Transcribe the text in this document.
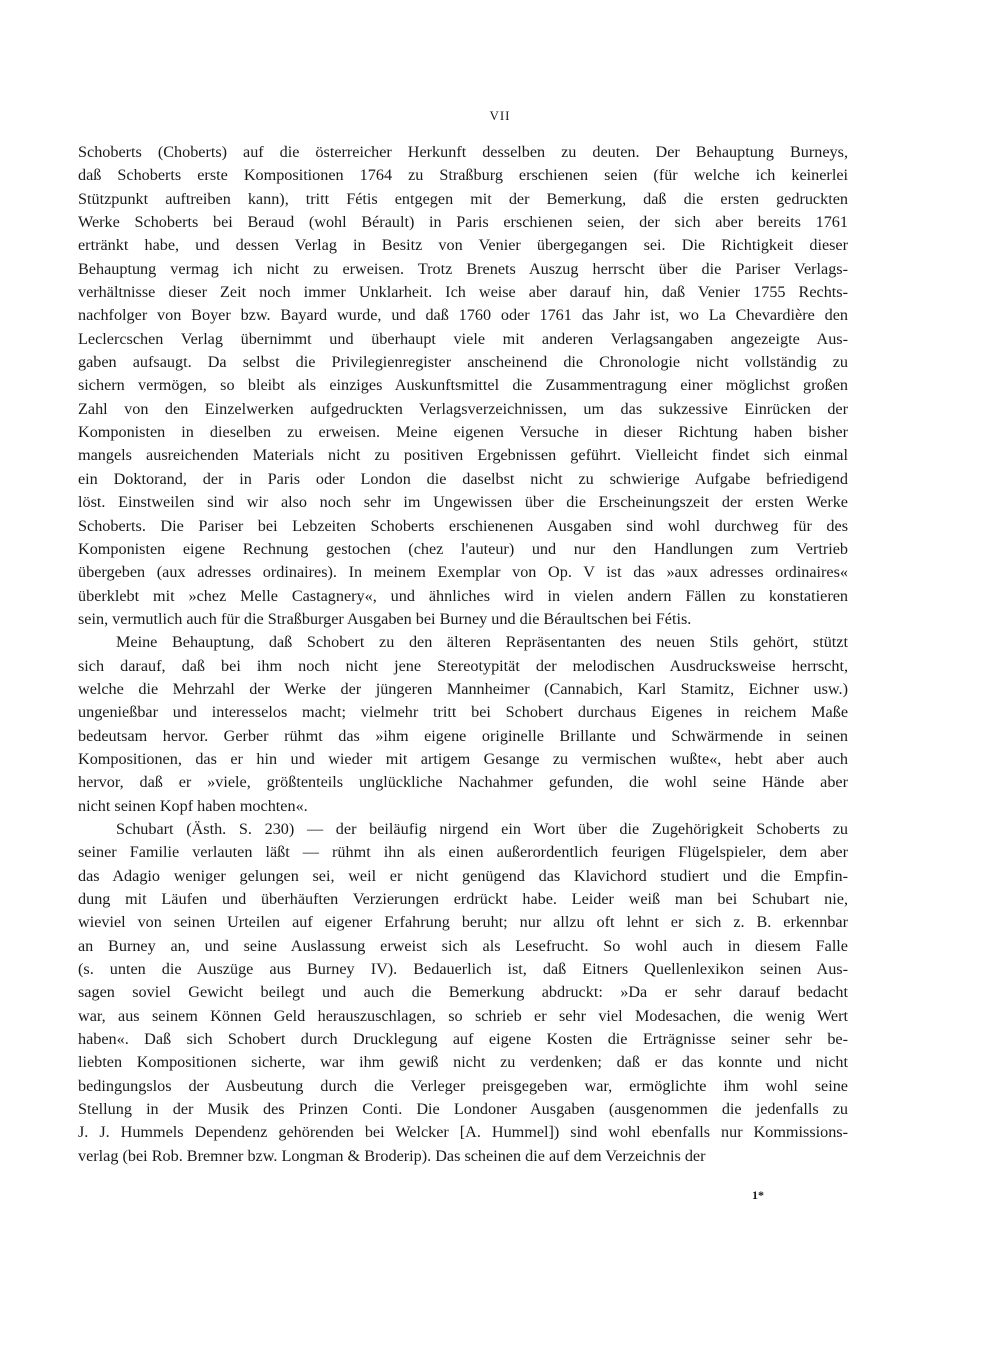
VII
Schoberts (Choberts) auf die österreicher Herkunft desselben zu deuten. Der Behauptung Burneys,
daß Schoberts erste Kompositionen 1764 zu Straßburg erschienen seien (für welche ich keinerlei
Stützpunkt auftreiben kann), tritt Fétis entgegen mit der Bemerkung, daß die ersten gedruckten
Werke Schoberts bei Beraud (wohl Bérault) in Paris erschienen seien, der sich aber bereits 1761
ertränkt habe, und dessen Verlag in Besitz von Venier übergegangen sei. Die Richtigkeit dieser
Behauptung vermag ich nicht zu erweisen. Trotz Brenets Auszug herrscht über die Pariser Verlags-
verhältnisse dieser Zeit noch immer Unklarheit. Ich weise aber darauf hin, daß Venier 1755 Rechts-
nachfolger von Boyer bzw. Bayard wurde, und daß 1760 oder 1761 das Jahr ist, wo La Chevardière den
Leclercschen Verlag übernimmt und überhaupt viele mit anderen Verlagsangaben angezeigte Aus-
gaben aufsaugt. Da selbst die Privilegienregister anscheinend die Chronologie nicht vollständig zu
sichern vermögen, so bleibt als einziges Auskunftsmittel die Zusammentragung einer möglichst großen
Zahl von den Einzelwerken aufgedruckten Verlagsverzeichnissen, um das sukzessive Einrücken der
Komponisten in dieselben zu erweisen. Meine eigenen Versuche in dieser Richtung haben bisher
mangels ausreichenden Materials nicht zu positiven Ergebnissen geführt. Vielleicht findet sich einmal
ein Doktorand, der in Paris oder London die daselbst nicht zu schwierige Aufgabe befriedigend
löst. Einstweilen sind wir also noch sehr im Ungewissen über die Erscheinungszeit der ersten Werke
Schoberts. Die Pariser bei Lebzeiten Schoberts erschienenen Ausgaben sind wohl durchweg für des
Komponisten eigene Rechnung gestochen (chez l'auteur) und nur den Handlungen zum Vertrieb
übergeben (aux adresses ordinaires). In meinem Exemplar von Op. V ist das »aux adresses ordinaires«
überklebt mit »chez Melle Castagnery«, und ähnliches wird in vielen andern Fällen zu konstatieren
sein, vermutlich auch für die Straßburger Ausgaben bei Burney und die Béraultschen bei Fétis.
Meine Behauptung, daß Schobert zu den älteren Repräsentanten des neuen Stils gehört, stützt
sich darauf, daß bei ihm noch nicht jene Stereotypität der melodischen Ausdrucksweise herrscht,
welche die Mehrzahl der Werke der jüngeren Mannheimer (Cannabich, Karl Stamitz, Eichner usw.)
ungenießbar und interesselos macht; vielmehr tritt bei Schobert durchaus Eigenes in reichem Maße
bedeutsam hervor. Gerber rühmt das »ihm eigene originelle Brillante und Schwärmende in seinen
Kompositionen, das er hin und wieder mit artigem Gesange zu vermischen wußte«, hebt aber auch
hervor, daß er »viele, größtenteils unglückliche Nachahmer gefunden, die wohl seine Hände aber
nicht seinen Kopf haben mochten«.
Schubart (Ästh. S. 230) — der beiläufig nirgend ein Wort über die Zugehörigkeit Schoberts zu
seiner Familie verlauten läßt — rühmt ihn als einen außerordentlich feurigen Flügelspieler, dem aber
das Adagio weniger gelungen sei, weil er nicht genügend das Klavichord studiert und die Empfin-
dung mit Läufen und überhäuften Verzierungen erdrückt habe. Leider weiß man bei Schubart nie,
wieviel von seinen Urteilen auf eigener Erfahrung beruht; nur allzu oft lehnt er sich z. B. erkennbar
an Burney an, und seine Auslassung erweist sich als Lesefrucht. So wohl auch in diesem Falle
(s. unten die Auszüge aus Burney IV). Bedauerlich ist, daß Eitners Quellenlexikon seinen Aus-
sagen soviel Gewicht beilegt und auch die Bemerkung abdruckt: »Da er sehr darauf bedacht
war, aus seinem Können Geld herauszuschlagen, so schrieb er sehr viel Modesachen, die wenig Wert
haben«. Daß sich Schobert durch Drucklegung auf eigene Kosten die Erträgnisse seiner sehr be-
liebten Kompositionen sicherte, war ihm gewiß nicht zu verdenken; daß er das konnte und nicht
bedingungslos der Ausbeutung durch die Verleger preisgegeben war, ermöglichte ihm wohl seine
Stellung in der Musik des Prinzen Conti. Die Londoner Ausgaben (ausgenommen die jedenfalls zu
J. J. Hummels Dependenz gehörenden bei Welcker [A. Hummel]) sind wohl ebenfalls nur Kommissions-
verlag (bei Rob. Bremner bzw. Longman & Broderip). Das scheinen die auf dem Verzeichnis der
1*
